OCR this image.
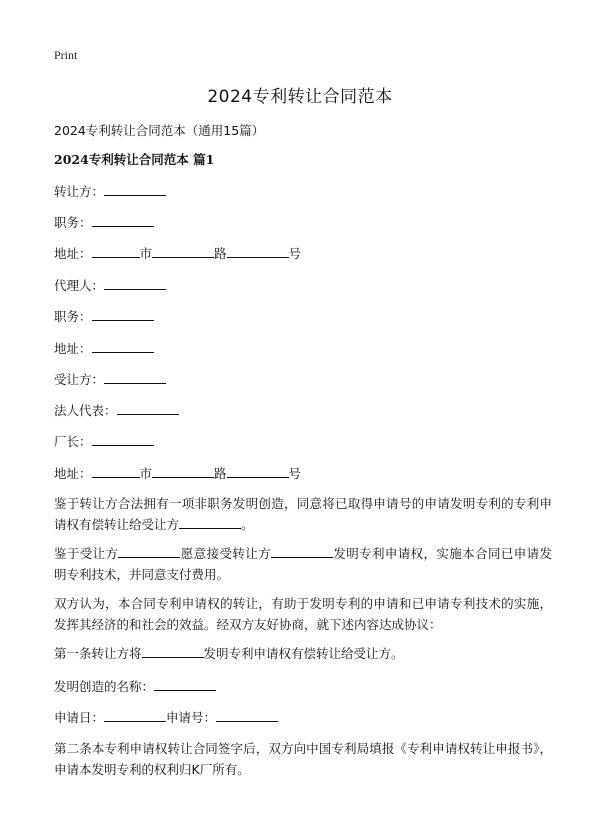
Print
2024专利转让合同范本
2024专利转让合同范本（通用15篇）
2024专利转让合同范本 篇1
转让方：
职务：
地址：	市	路	号
代理人：
职务：
地址：
受让方：
法人代表：
厂长：
地址：	市	路	号
鉴于转让方合法拥有一项非职务发明创造，同意将已取得申请号的申请发明专利的专利申请权有偿转让给受让方	。
鉴于受让方	愿意接受转让方	发明专利申请权，实施本合同已申请发明专利技术，并同意支付费用。
双方认为，本合同专利申请权的转让，有助于发明专利的申请和已申请专利技术的实施，发挥其经济的和社会的效益。经双方友好协商，就下述内容达成协议：
第一条转让方将	发明专利申请权有偿转让给受让方。
发明创造的名称：
申请日：	申请号：
第二条本专利申请权转让合同签字后，双方向中国专利局填报《专利申请权转让申报书》，申请本发明专利的权利归K厂所有。
